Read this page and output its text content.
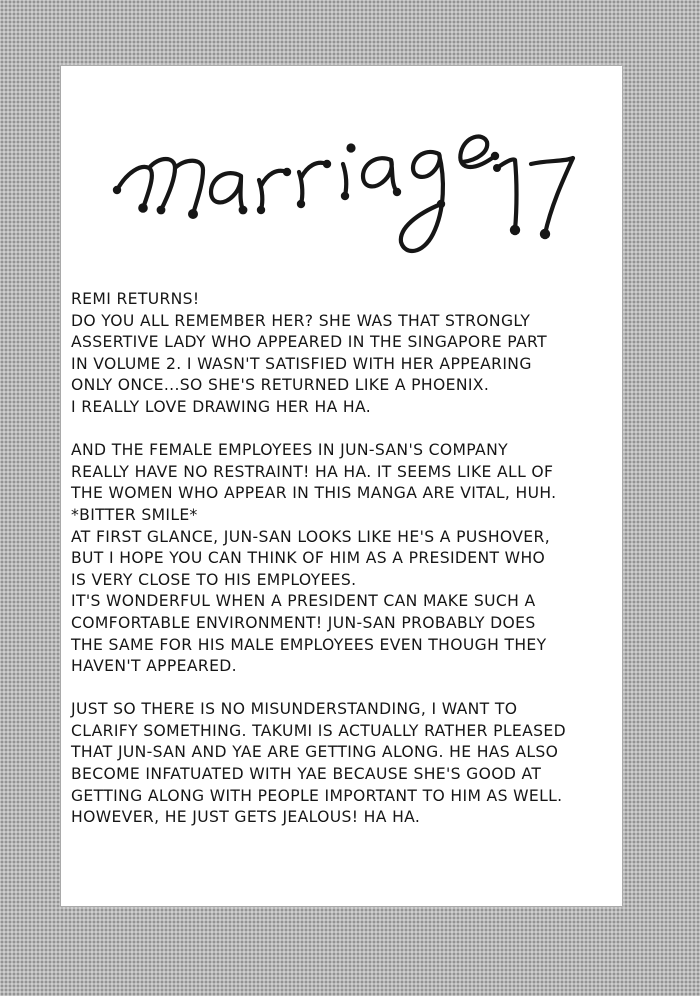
REMI RETURNS!
DO YOU ALL REMEMBER HER? SHE WAS THAT STRONGLY
ASSERTIVE LADY WHO APPEARED IN THE SINGAPORE PART
IN VOLUME 2. I WASN'T SATISFIED WITH HER APPEARING
ONLY ONCE...SO SHE'S RETURNED LIKE A PHOENIX.
I REALLY LOVE DRAWING HER HA HA.

AND THE FEMALE EMPLOYEES IN JUN-SAN'S COMPANY
REALLY HAVE NO RESTRAINT! HA HA. IT SEEMS LIKE ALL OF
THE WOMEN WHO APPEAR IN THIS MANGA ARE VITAL, HUH.
*BITTER SMILE*
AT FIRST GLANCE, JUN-SAN LOOKS LIKE HE'S A PUSHOVER,
BUT I HOPE YOU CAN THINK OF HIM AS A PRESIDENT WHO
IS VERY CLOSE TO HIS EMPLOYEES.
IT'S WONDERFUL WHEN A PRESIDENT CAN MAKE SUCH A
COMFORTABLE ENVIRONMENT! JUN-SAN PROBABLY DOES
THE SAME FOR HIS MALE EMPLOYEES EVEN THOUGH THEY
HAVEN'T APPEARED.

JUST SO THERE IS NO MISUNDERSTANDING, I WANT TO
CLARIFY SOMETHING. TAKUMI IS ACTUALLY RATHER PLEASED
THAT JUN-SAN AND YAE ARE GETTING ALONG. HE HAS ALSO
BECOME INFATUATED WITH YAE BECAUSE SHE'S GOOD AT
GETTING ALONG WITH PEOPLE IMPORTANT TO HIM AS WELL.
HOWEVER, HE JUST GETS JEALOUS! HA HA.
